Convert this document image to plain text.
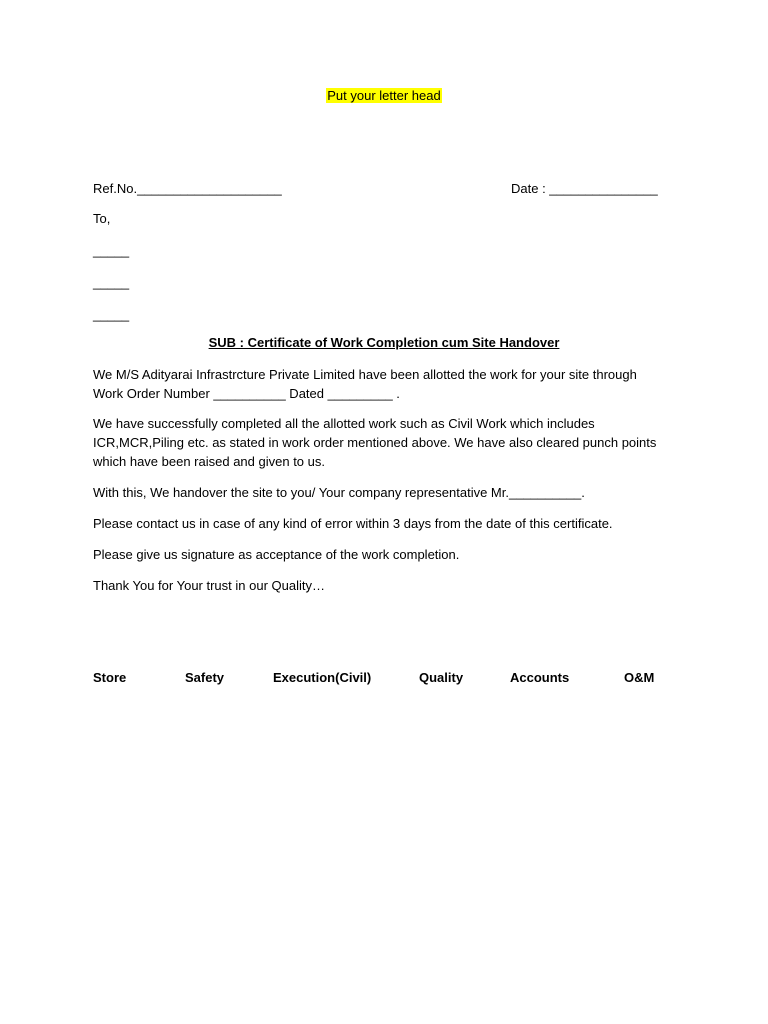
Put your letter head
Ref.No.____________________	Date : _______________
To,
_____
_____
_____
SUB : Certificate of Work Completion cum Site Handover
We M/S Adityarai Infrastrcture Private Limited have been allotted the work for your site through Work Order Number __________ Dated _________ .
We have successfully completed all the allotted work such as Civil Work which includes ICR,MCR,Piling etc. as stated in work order mentioned above. We have also cleared punch points which have been raised and given to us.
With this, We handover the site to you/ Your company representative Mr.__________.
Please contact us in case of any kind of error within 3 days from the date of this certificate.
Please give us signature as acceptance of the work completion.
Thank You for Your trust in our Quality…
Store	Safety	Execution(Civil)	Quality	Accounts	O&M
